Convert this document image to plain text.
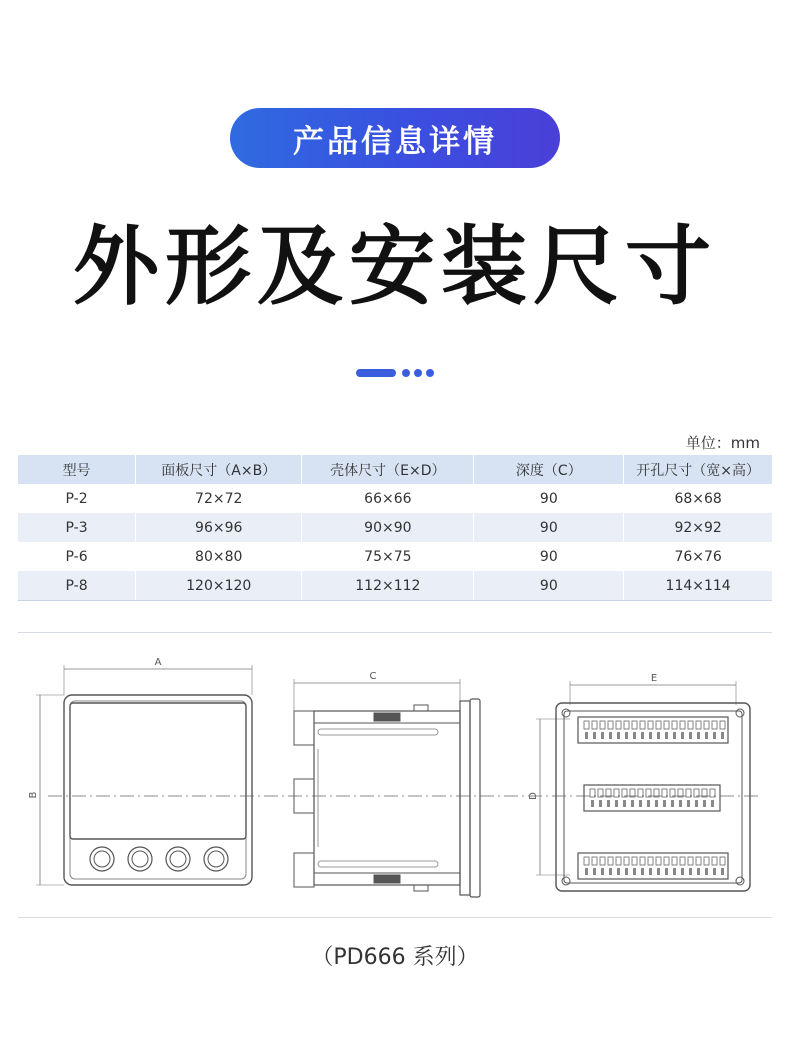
产品信息详情
外形及安装尺寸
单位：mm
型号	面板尺寸（A×B）	壳体尺寸（E×D）	深度（C）	开孔尺寸（宽×高）
P-2	72×72	66×66	90	68×68
P-3	96×96	90×90	90	92×92
P-6	80×80	75×75	90	76×76
P-8	120×120	112×112	90	114×114
A
B
C	E
D
（PD666 系列）
